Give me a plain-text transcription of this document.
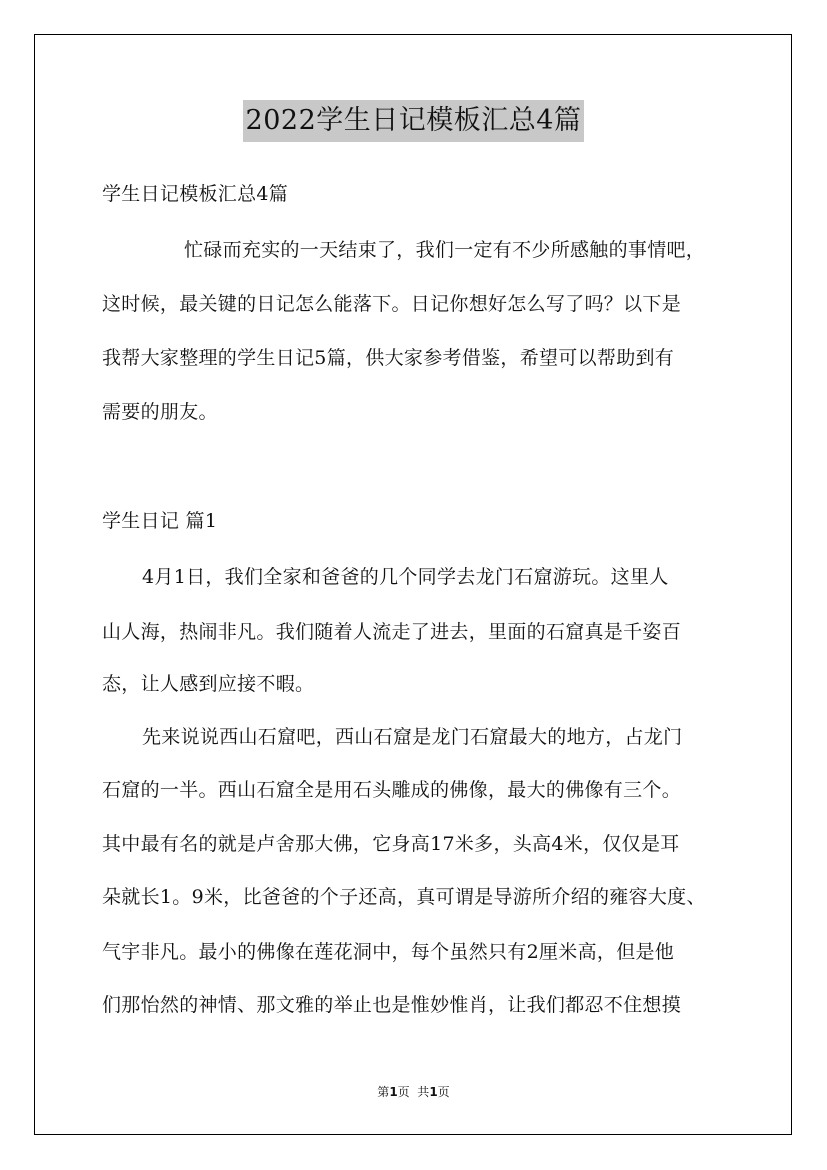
2022学生日记模板汇总4篇
学生日记模板汇总4篇
忙碌而充实的一天结束了，我们一定有不少所感触的事情吧，
这时候，最关键的日记怎么能落下。日记你想好怎么写了吗？以下是
我帮大家整理的学生日记5篇，供大家参考借鉴，希望可以帮助到有
需要的朋友。
学生日记 篇1
4月1日，我们全家和爸爸的几个同学去龙门石窟游玩。这里人
山人海，热闹非凡。我们随着人流走了进去，里面的石窟真是千姿百
态，让人感到应接不暇。
先来说说西山石窟吧，西山石窟是龙门石窟最大的地方，占龙门
石窟的一半。西山石窟全是用石头雕成的佛像，最大的佛像有三个。
其中最有名的就是卢舍那大佛，它身高17米多，头高4米，仅仅是耳
朵就长1。9米，比爸爸的个子还高，真可谓是导游所介绍的雍容大度、
气宇非凡。最小的佛像在莲花洞中，每个虽然只有2厘米高，但是他
们那怡然的神情、那文雅的举止也是惟妙惟肖，让我们都忍不住想摸
第1页  共1页
